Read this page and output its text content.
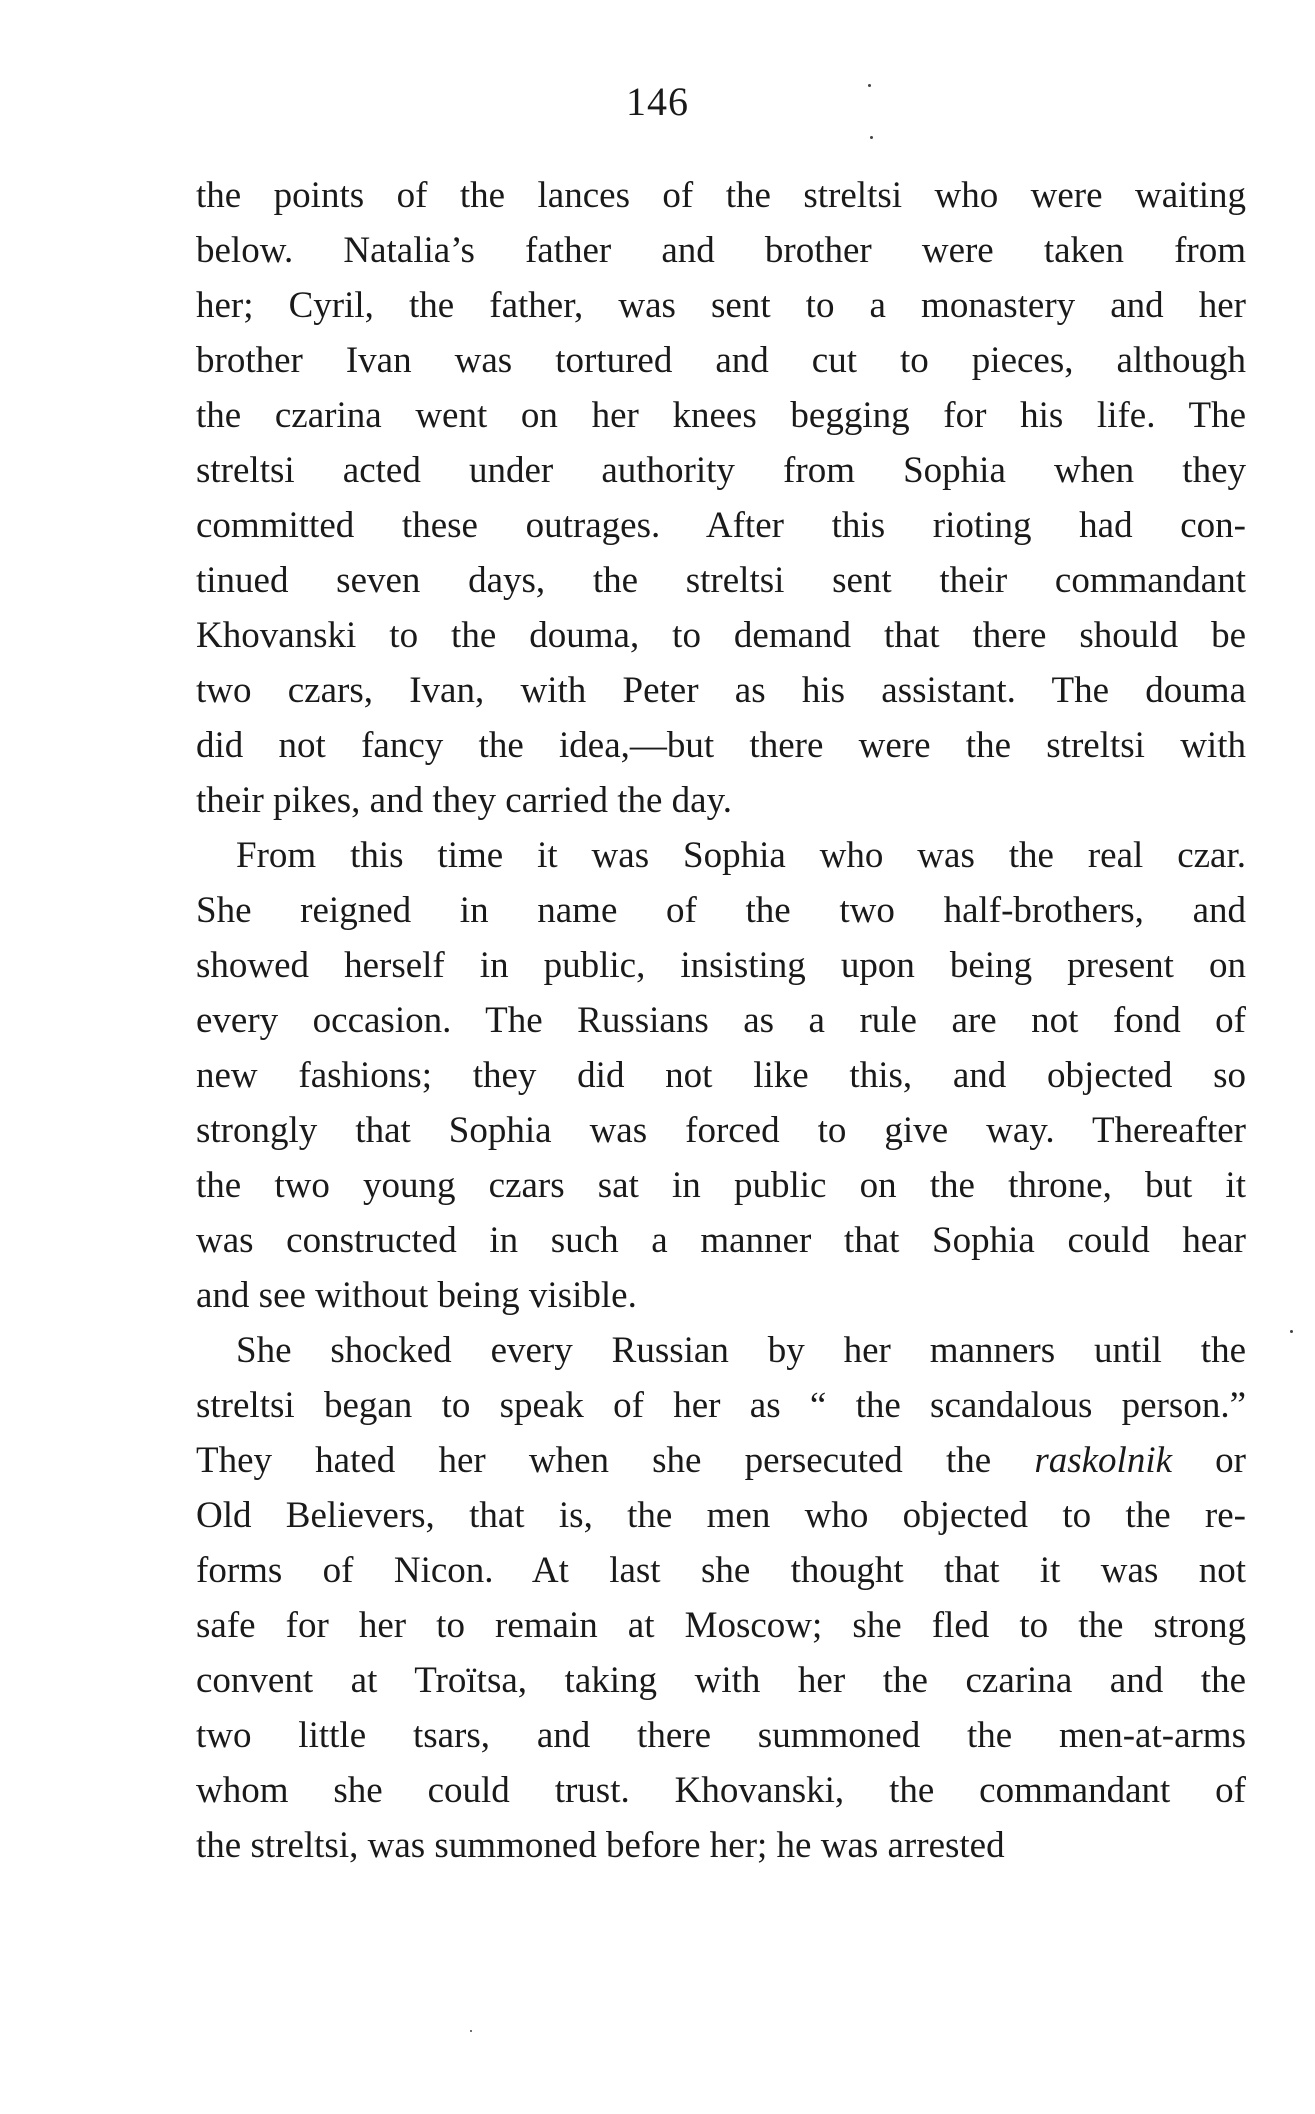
146
the points of the lances of the streltsi who were waiting
below. Natalia’s father and brother were taken from
her; Cyril, the father, was sent to a monastery and her
brother Ivan was tortured and cut to pieces, although
the czarina went on her knees begging for his life. The
streltsi acted under authority from Sophia when they
committed these outrages. After this rioting had con-
tinued seven days, the streltsi sent their commandant
Khovanski to the douma, to demand that there should be
two czars, Ivan, with Peter as his assistant. The douma
did not fancy the idea,—but there were the streltsi with
their pikes, and they carried the day.
From this time it was Sophia who was the real czar.
She reigned in name of the two half-brothers, and
showed herself in public, insisting upon being present on
every occasion. The Russians as a rule are not fond of
new fashions; they did not like this, and objected so
strongly that Sophia was forced to give way. Thereafter
the two young czars sat in public on the throne, but it
was constructed in such a manner that Sophia could hear
and see without being visible.
She shocked every Russian by her manners until the
streltsi began to speak of her as “ the scandalous person.”
They hated her when she persecuted the raskolnik or
Old Believers, that is, the men who objected to the re-
forms of Nicon. At last she thought that it was not
safe for her to remain at Moscow; she fled to the strong
convent at Troïtsa, taking with her the czarina and the
two little tsars, and there summoned the men-at-arms
whom she could trust. Khovanski, the commandant of
the streltsi, was summoned before her; he was arrested
